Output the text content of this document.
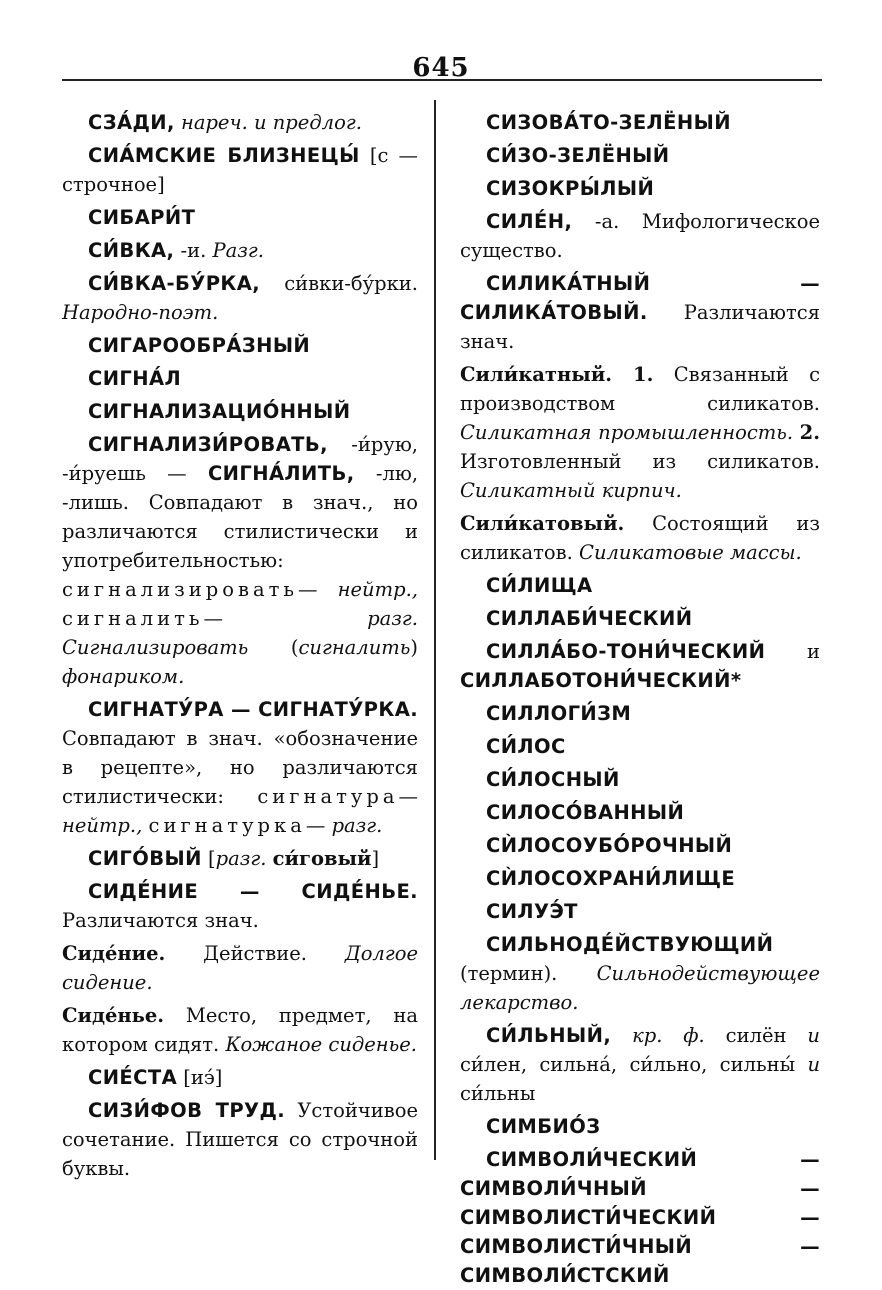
645

СЗА́ДИ, нареч. и предлог.

СИА́МСКИЕ БЛИЗНЕЦЫ́ [с — строчное]

СИБАРИ́Т

СИ́ВКА, -и. Разг.

СИ́ВКА-БУ́РКА, си́вки-бу́рки. Народно-поэт.

СИГАРООБРА́ЗНЫЙ

СИГНА́Л

СИГНАЛИЗАЦИО́ННЫЙ

СИГНАЛИЗИ́РОВАТЬ, -и́рую, -и́руешь — СИГНА́ЛИТЬ, -лю, -лишь. Совпадают в знач., но различаются стилистически и употребительностью: сигнализировать— нейтр., сигналить—	разг. Сигнализировать (сигналить) фонариком.

СИГНАТУ́РА — СИГНАТУ́РКА. Совпадают в знач. «обозначение в рецепте», но различаются стилистически: сигнатура— нейтр., сигнатурка— разг.

СИГО́ВЫЙ [разг. си́говый]

СИДЕ́НИЕ — СИДЕ́НЬЕ. Различаются знач.

Сиде́ние. Действие. Долгое сидение.

Сиде́нье. Место, предмет, на котором сидят. Кожаное сиденье.

СИЕ́СТА [иэ́]

СИЗИ́ФОВ ТРУД. Устойчивое сочетание. Пишется со строчной буквы.

СИЗОВА́ТО-ЗЕЛЁНЫЙ

СИ́ЗО-ЗЕЛЁНЫЙ

СИЗОКРЫ́ЛЫЙ

СИЛЕ́Н, -а. Мифологическое существо.

СИЛИКА́ТНЫЙ — СИЛИКА́ТОВЫЙ. Различаются знач.

Сили́катный. 1. Связанный с производством силикатов. Силикатная промышленность. 2. Изготовленный из силикатов. Силикатный кирпич.

Сили́катовый. Состоящий из силикатов. Силикатовые массы.

СИ́ЛИЩА

СИЛЛАБИ́ЧЕСКИЙ

СИЛЛА́БО-ТОНИ́ЧЕСКИЙ и СИЛЛАБОТОНИ́ЧЕСКИЙ*

СИЛЛОГИ́ЗМ

СИ́ЛОС

СИ́ЛОСНЫЙ

СИЛОСО́ВАННЫЙ

СЍЛОСОУБО́РОЧНЫЙ

СЍЛОСОХРАНИ́ЛИЩЕ

СИЛУЭ́Т

СИЛЬНОДЕ́ЙСТВУЮЩИЙ (термин). Сильнодействующее лекарство.

СИ́ЛЬНЫЙ, кр. ф. силён и си́лен, сильна́, си́льно, сильны́ и си́льны

СИМБИО́З

СИМВОЛИ́ЧЕСКИЙ — СИМВОЛИ́ЧНЫЙ — СИМВОЛИСТИ́ЧЕСКИЙ — СИМВОЛИСТИ́ЧНЫЙ — СИМВОЛИ́СТСКИЙ
